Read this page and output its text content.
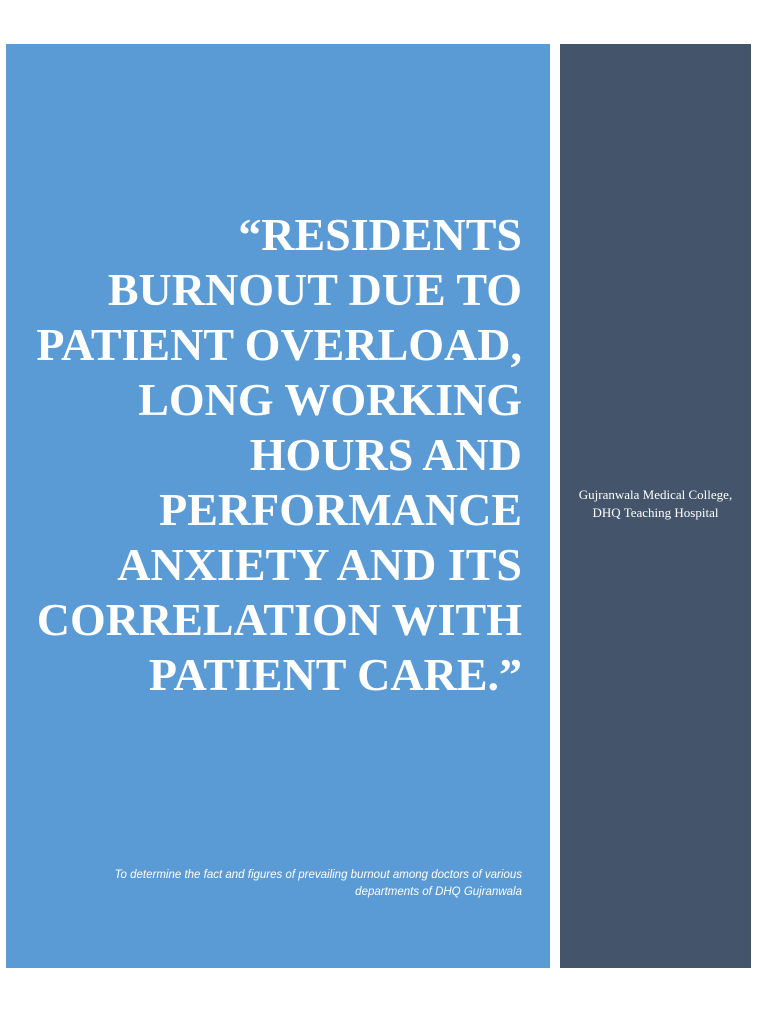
“RESIDENTS BURNOUT DUE TO PATIENT OVERLOAD, LONG WORKING HOURS AND PERFORMANCE ANXIETY AND ITS CORRELATION WITH PATIENT CARE.”

To determine the fact and figures of prevailing burnout among doctors of various departments of DHQ Gujranwala

Gujranwala Medical College, DHQ Teaching Hospital
